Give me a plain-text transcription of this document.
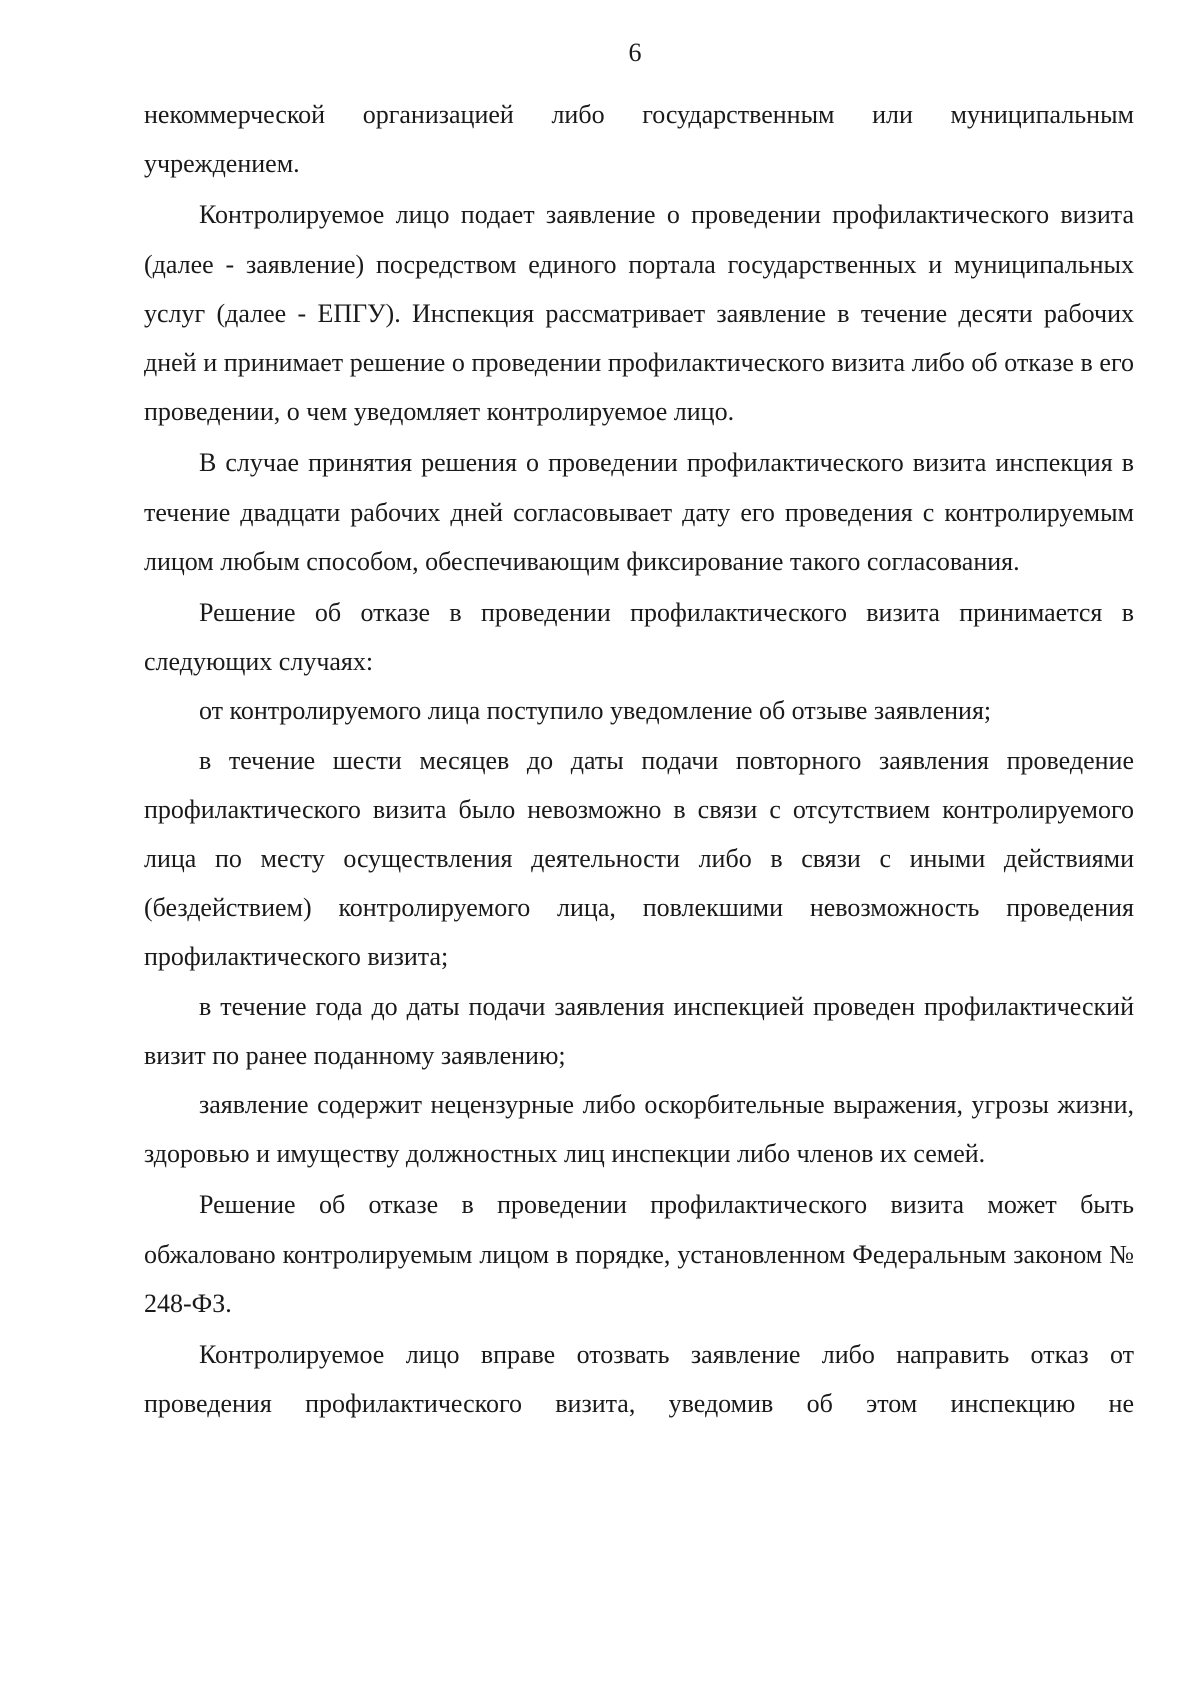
6

некоммерческой организацией либо государственным или муниципальным учреждением.

Контролируемое лицо подает заявление о проведении профилактического визита (далее - заявление) посредством единого портала государственных и муниципальных услуг (далее - ЕПГУ). Инспекция рассматривает заявление в течение десяти рабочих дней и принимает решение о проведении профилактического визита либо об отказе в его проведении, о чем уведомляет контролируемое лицо.

В случае принятия решения о проведении профилактического визита инспекция в течение двадцати рабочих дней согласовывает дату его проведения с контролируемым лицом любым способом, обеспечивающим фиксирование такого согласования.

Решение об отказе в проведении профилактического визита принимается в следующих случаях:

от контролируемого лица поступило уведомление об отзыве заявления;

в течение шести месяцев до даты подачи повторного заявления проведение профилактического визита было невозможно в связи с отсутствием контролируемого лица по месту осуществления деятельности либо в связи с иными действиями (бездействием) контролируемого лица, повлекшими невозможность проведения профилактического визита;

в течение года до даты подачи заявления инспекцией проведен профилактический визит по ранее поданному заявлению;

заявление содержит нецензурные либо оскорбительные выражения, угрозы жизни, здоровью и имуществу должностных лиц инспекции либо членов их семей.

Решение об отказе в проведении профилактического визита может быть обжаловано контролируемым лицом в порядке, установленном Федеральным законом № 248-ФЗ.

Контролируемое лицо вправе отозвать заявление либо направить отказ от проведения профилактического визита, уведомив об этом инспекцию не
